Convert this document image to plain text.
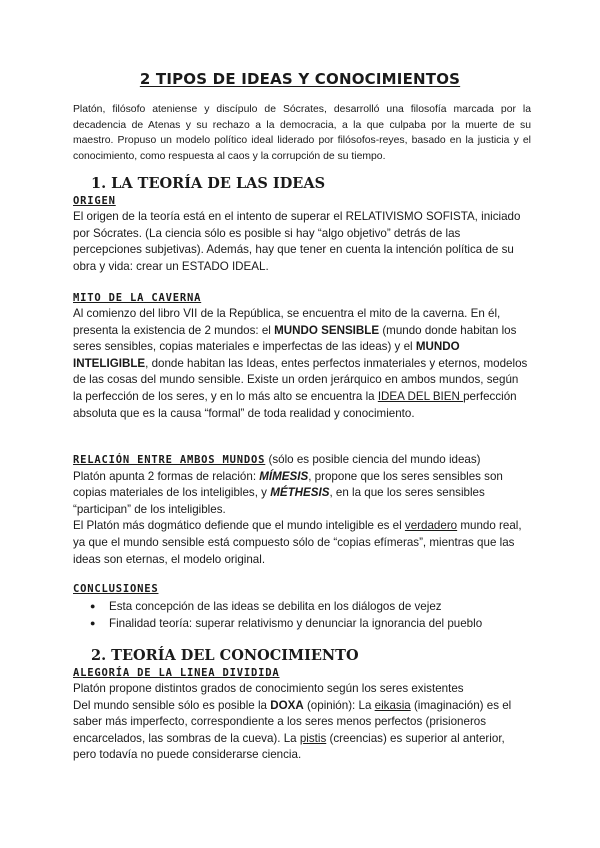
2 TIPOS DE IDEAS Y CONOCIMIENTOS
Platón, filósofo ateniense y discípulo de Sócrates, desarrolló una filosofía marcada por la decadencia de Atenas y su rechazo a la democracia, a la que culpaba por la muerte de su maestro. Propuso un modelo político ideal liderado por filósofos-reyes, basado en la justicia y el conocimiento, como respuesta al caos y la corrupción de su tiempo.
1. LA TEORÍA DE LAS IDEAS
ORIGEN
El origen de la teoría está en el intento de superar el RELATIVISMO SOFISTA, iniciado por Sócrates. (La ciencia sólo es posible si hay “algo objetivo” detrás de las percepciones subjetivas). Además, hay que tener en cuenta la intención política de su obra y vida: crear un ESTADO IDEAL.
MITO DE LA CAVERNA
Al comienzo del libro VII de la República, se encuentra el mito de la caverna. En él, presenta la existencia de 2 mundos: el MUNDO SENSIBLE (mundo donde habitan los seres sensibles, copias materiales e imperfectas de las ideas) y el MUNDO INTELIGIBLE, donde habitan las Ideas, entes perfectos inmateriales y eternos, modelos de las cosas del mundo sensible. Existe un orden jerárquico en ambos mundos, según la perfección de los seres, y en lo más alto se encuentra la IDEA DEL BIEN perfección absoluta que es la causa “formal” de toda realidad y conocimiento.
RELACIÓN ENTRE AMBOS MUNDOS (sólo es posible ciencia del mundo ideas)
Platón apunta 2 formas de relación: MÍMESIS, propone que los seres sensibles son copias materiales de los inteligibles, y MÉTHESIS, en la que los seres sensibles “participan” de los inteligibles.
El Platón más dogmático defiende que el mundo inteligible es el verdadero mundo real, ya que el mundo sensible está compuesto sólo de “copias efímeras”, mientras que las ideas son eternas, el modelo original.
CONCLUSIONES
● Esta concepción de las ideas se debilita en los diálogos de vejez
● Finalidad teoría: superar relativismo y denunciar la ignorancia del pueblo
2. TEORÍA DEL CONOCIMIENTO
ALEGORÍA DE LA LINEA DIVIDIDA
Platón propone distintos grados de conocimiento según los seres existentes
Del mundo sensible sólo es posible la DOXA (opinión): La eikasia (imaginación) es el saber más imperfecto, correspondiente a los seres menos perfectos (prisioneros encarcelados, las sombras de la cueva). La pistis (creencias) es superior al anterior, pero todavía no puede considerarse ciencia.
